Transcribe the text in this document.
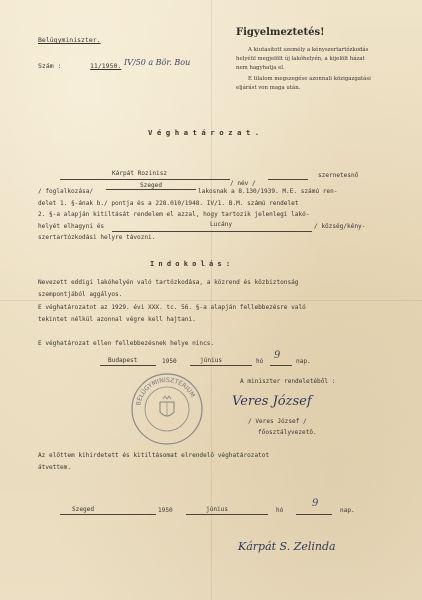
Belügyminiszter.
Szám :	11/1950. IV/50 a Bör. Bou
Figyelmeztetés!
A kiutasított személy a kényszertartózkodás
helyéül megjelölt új lakóhelyén, a kijelölt házat
nem hagyhatja el.
E tilalom megszegése azonnali közigazgatási
eljárást von maga után.
V é g h a t á r o z a t .
Kárpát Rozinisz
/ név /
szernetesnő
/ foglalkozása/
Szeged
lakosnak a 8.130/1939. M.E. számú ren-
delet 1. §-ának b./ pontja és a 228.010/1948. IV/1. B.M. számú rendelet
2. §-a alapján kitiltását rendelem el azzal, hogy tartozik jelenlegi lakó-
helyét elhagyni és	Lucány	/ község/kény-
szertartózkodási helyre távozni.
I n d o k o l á s :
Nevezett eddigi lakóhelyén való tartózkodása, a közrend és közbiztonság
szempontjából aggályos.
E véghatározatot az 1929. évi XXX. tc. 56. §-a alapján fellebbezésre való
tekintet nélkül azonnal végre kell hajtani.
E véghatározat ellen fellebbezésnek helye nincs.
Budapest	1950	június	hó
9
nap.
A miniszter rendeletéből :
Veres József
/ Veres József /
főosztályvezető.
BELÜGYMINISZTÉRIUM
Az előttem kihirdetett és kitiltásomat elrendelő véghatározatot
átvettem.
Szeged	1950	június	hó
9
nap.
Kárpát S. Zelinda
